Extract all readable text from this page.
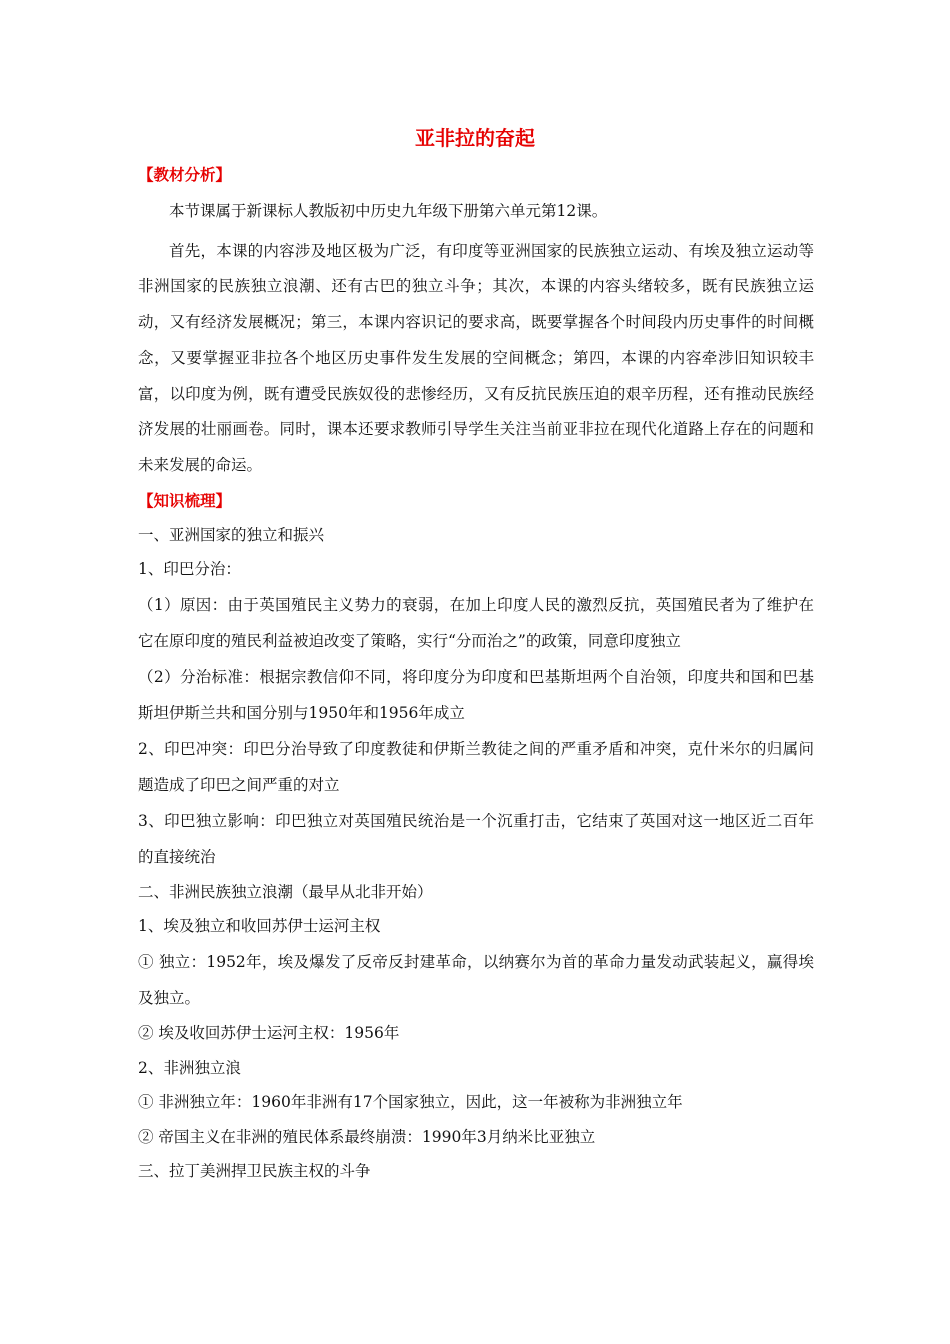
亚非拉的奋起
【教材分析】

本节课属于新课标人教版初中历史九年级下册第六单元第12课。

首先，本课的内容涉及地区极为广泛，有印度等亚洲国家的民族独立运动、有埃及独立运动等非洲国家的民族独立浪潮、还有古巴的独立斗争；其次，本课的内容头绪较多，既有民族独立运动，又有经济发展概况；第三，本课内容识记的要求高，既要掌握各个时间段内历史事件的时间概念，又要掌握亚非拉各个地区历史事件发生发展的空间概念；第四，本课的内容牵涉旧知识较丰富，以印度为例，既有遭受民族奴役的悲惨经历，又有反抗民族压迫的艰辛历程，还有推动民族经济发展的壮丽画卷。同时，课本还要求教师引导学生关注当前亚非拉在现代化道路上存在的问题和未来发展的命运。

【知识梳理】
一、亚洲国家的独立和振兴
1、印巴分治：
（1）原因：由于英国殖民主义势力的衰弱，在加上印度人民的激烈反抗，英国殖民者为了维护在它在原印度的殖民利益被迫改变了策略，实行“分而治之”的政策，同意印度独立
（2）分治标准：根据宗教信仰不同，将印度分为印度和巴基斯坦两个自治领，印度共和国和巴基斯坦伊斯兰共和国分别与1950年和1956年成立
2、印巴冲突：印巴分治导致了印度教徒和伊斯兰教徒之间的严重矛盾和冲突，克什米尔的归属问题造成了印巴之间严重的对立
3、印巴独立影响：印巴独立对英国殖民统治是一个沉重打击，它结束了英国对这一地区近二百年的直接统治
二、非洲民族独立浪潮（最早从北非开始）
1、埃及独立和收回苏伊士运河主权
① 独立：1952年，埃及爆发了反帝反封建革命，以纳赛尔为首的革命力量发动武装起义，赢得埃及独立。
② 埃及收回苏伊士运河主权：1956年
2、非洲独立浪
① 非洲独立年：1960年非洲有17个国家独立，因此，这一年被称为非洲独立年
② 帝国主义在非洲的殖民体系最终崩溃：1990年3月纳米比亚独立
三、拉丁美洲捍卫民族主权的斗争
